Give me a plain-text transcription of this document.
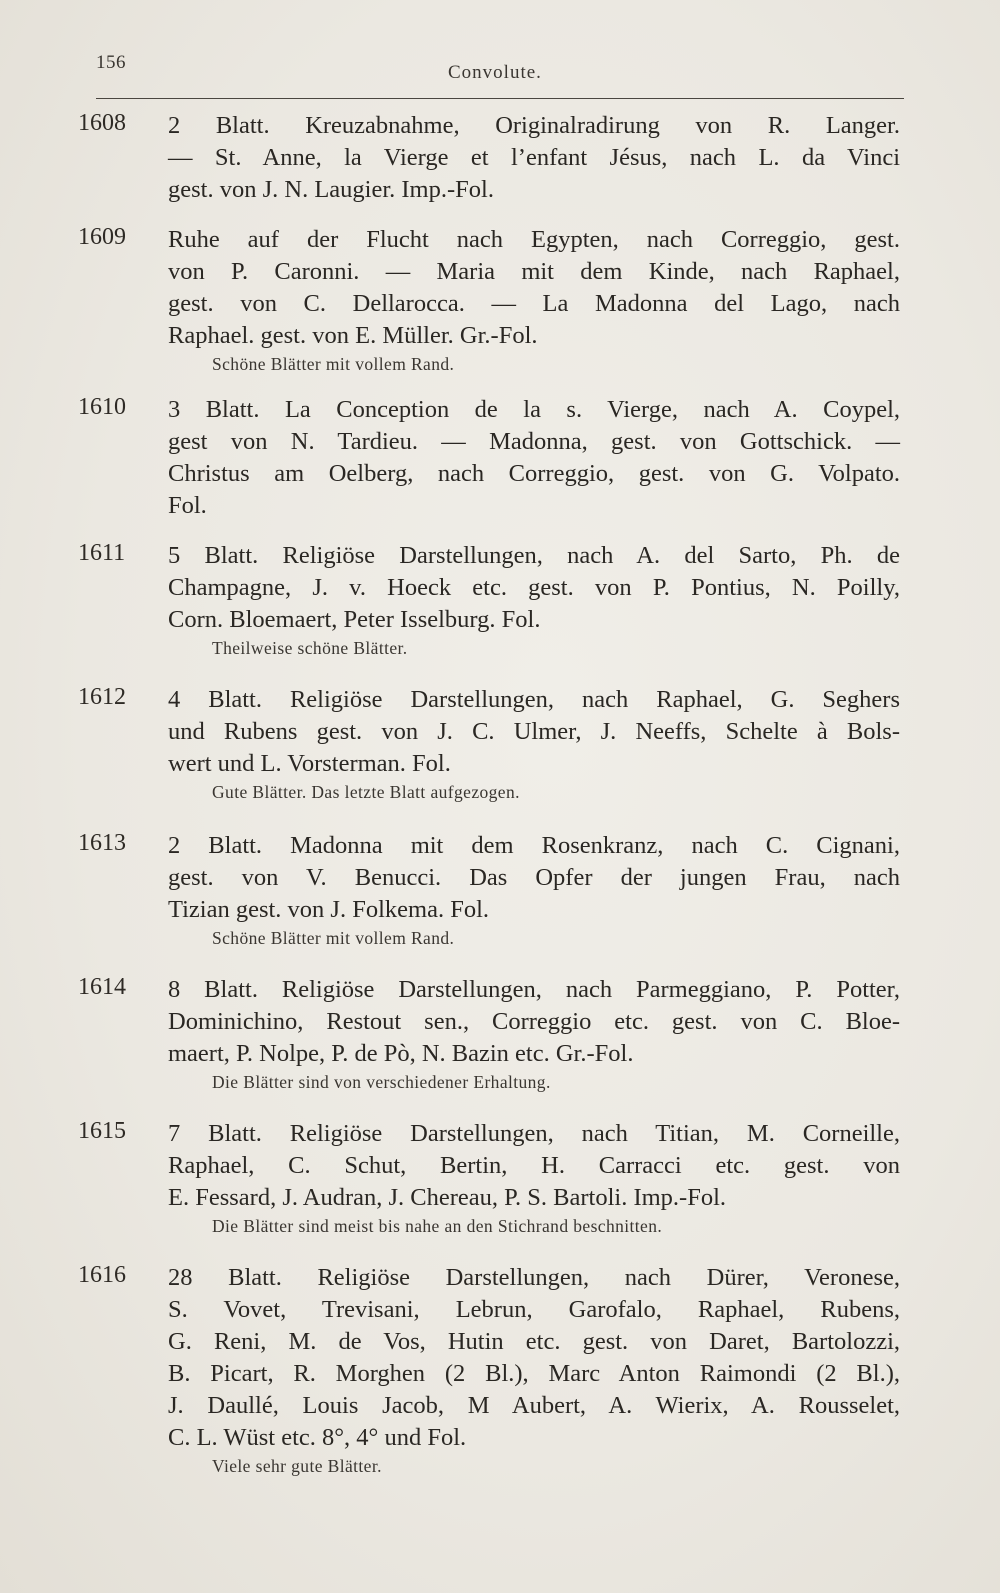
156	Convolute.
1608 2 Blatt. Kreuzabnahme, Originalradirung von R. Langer.
— St. Anne, la Vierge et l’enfant Jésus, nach L. da Vinci
gest. von J. N. Laugier. Imp.-Fol.
1609 Ruhe auf der Flucht nach Egypten, nach Correggio, gest.
von P. Caronni. — Maria mit dem Kinde, nach Raphael,
gest. von C. Dellarocca. — La Madonna del Lago, nach
Raphael. gest. von E. Müller. Gr.-Fol.
Schöne Blätter mit vollem Rand.
1610 3 Blatt. La Conception de la s. Vierge, nach A. Coypel,
gest von N. Tardieu. — Madonna, gest. von Gottschick. —
Christus am Oelberg, nach Correggio, gest. von G. Volpato.
Fol.
1611 5 Blatt. Religiöse Darstellungen, nach A. del Sarto, Ph. de
Champagne, J. v. Hoeck etc. gest. von P. Pontius, N. Poilly,
Corn. Bloemaert, Peter Isselburg. Fol.
Theilweise schöne Blätter.
1612 4 Blatt. Religiöse Darstellungen, nach Raphael, G. Seghers
und Rubens gest. von J. C. Ulmer, J. Neeffs, Schelte à Bols-
wert und L. Vorsterman. Fol.
Gute Blätter. Das letzte Blatt aufgezogen.
1613 2 Blatt. Madonna mit dem Rosenkranz, nach C. Cignani,
gest. von V. Benucci. Das Opfer der jungen Frau, nach
Tizian gest. von J. Folkema. Fol.
Schöne Blätter mit vollem Rand.
1614 8 Blatt. Religiöse Darstellungen, nach Parmeggiano, P. Potter,
Dominichino, Restout sen., Correggio etc. gest. von C. Bloe-
maert, P. Nolpe, P. de Pò, N. Bazin etc. Gr.-Fol.
Die Blätter sind von verschiedener Erhaltung.
1615 7 Blatt. Religiöse Darstellungen, nach Titian, M. Corneille,
Raphael, C. Schut, Bertin, H. Carracci etc. gest. von
E. Fessard, J. Audran, J. Chereau, P. S. Bartoli. Imp.-Fol.
Die Blätter sind meist bis nahe an den Stichrand beschnitten.
1616 28 Blatt. Religiöse Darstellungen, nach Dürer, Veronese,
S. Vovet, Trevisani, Lebrun, Garofalo, Raphael, Rubens,
G. Reni, M. de Vos, Hutin etc. gest. von Daret, Bartolozzi,
B. Picart, R. Morghen (2 Bl.), Marc Anton Raimondi (2 Bl.),
J. Daullé, Louis Jacob, M Aubert, A. Wierix, A. Rousselet,
C. L. Wüst etc. 8°, 4° und Fol.
Viele sehr gute Blätter.
